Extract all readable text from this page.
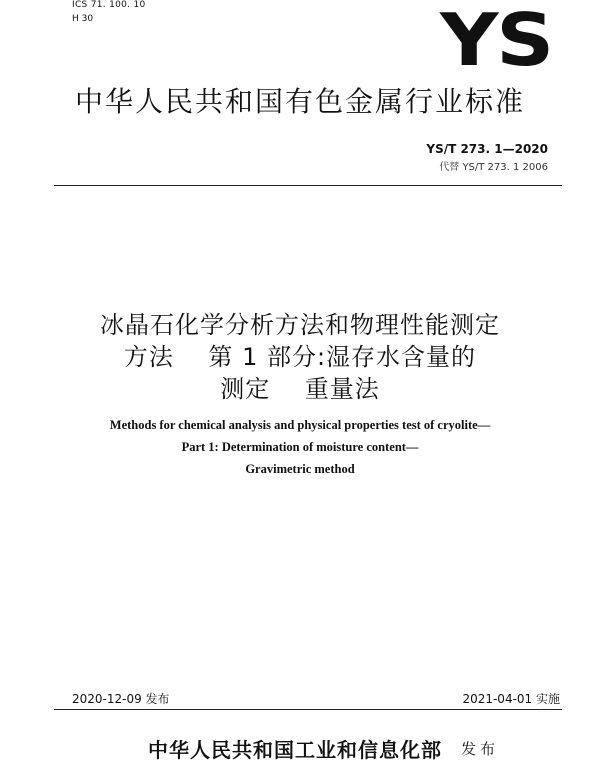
ICS 71. 100. 10
H 30	YS
中华人民共和国有色金属行业标准
YS/T 273. 1—2020
代替 YS/T 273. 1 2006
冰晶石化学分析方法和物理性能测定
方法    第 1 部分:湿存水含量的
测定    重量法
Methods for chemical analysis and physical properties test of cryolite—
Part 1: Determination of moisture content—
Gravimetric method
2020-12-09 发布	2021-04-01 实施
中华人民共和国工业和信息化部 发布
